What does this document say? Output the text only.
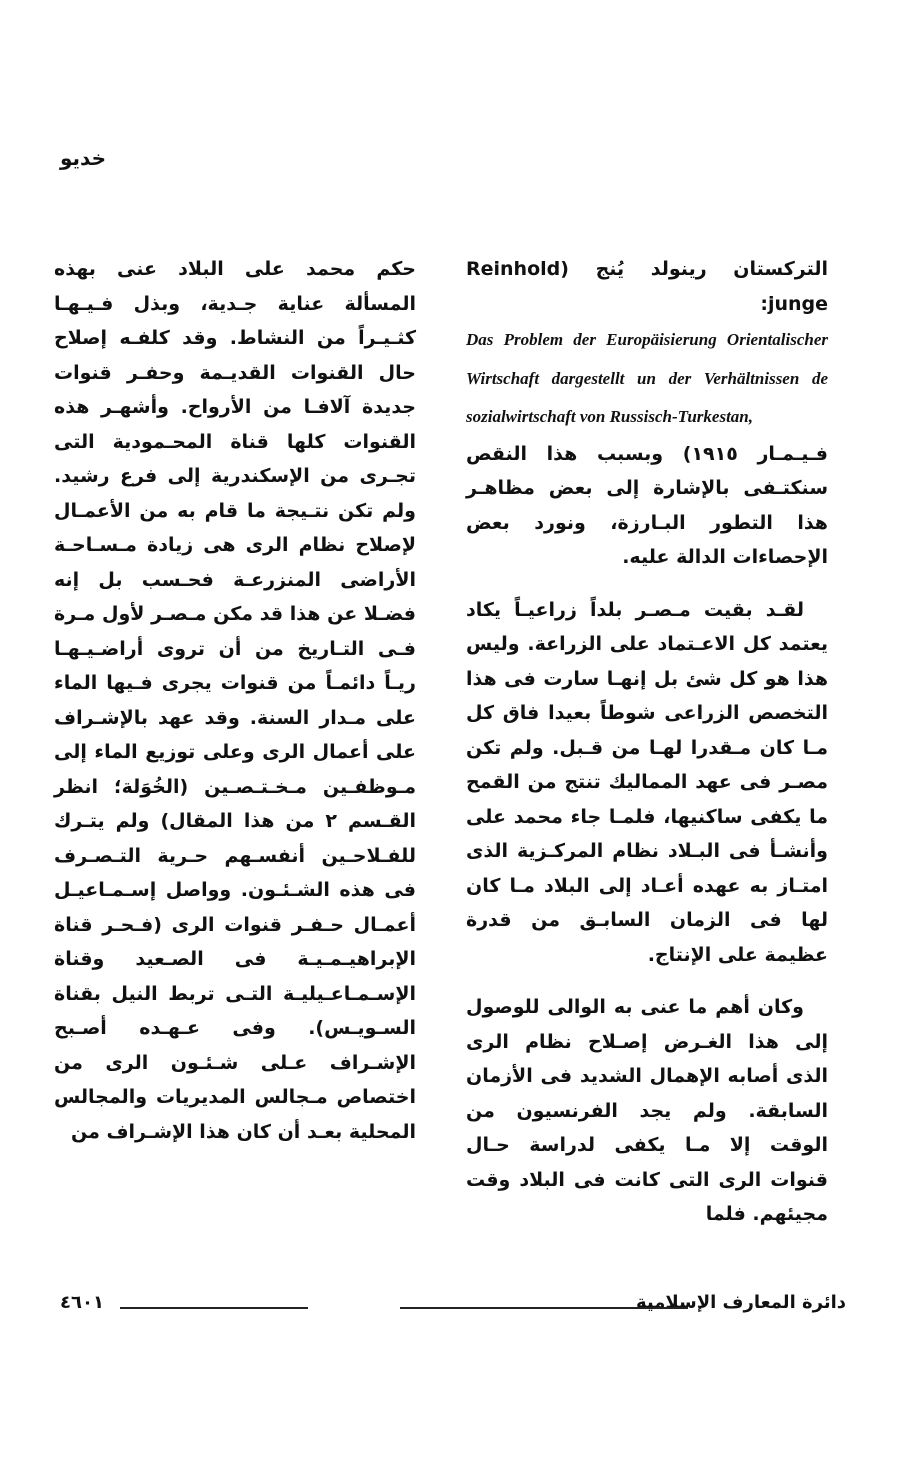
خديو

التركستان رينولد يُنج (Reinhold junge:

Das Problem der Europäisierung Orientalischer Wirtschaft dargestellt un der Verhältnissen de sozialwirtschaft von Russisch-Turkestan,

فـيـمـار ١٩١٥) وبسبب هذا النقص سنكتـفى بالإشارة إلى بعض مظاهـر هذا التطور البـارزة، ونورد بعض الإحصاءات الدالة عليه.

لقـد بقيت مـصـر بلداً زراعيـاً يكاد يعتمد كل الاعـتماد على الزراعة. وليس هذا هو كل شئ بل إنهـا سارت فى هذا التخصص الزراعى شوطاً بعيدا فاق كل مـا كان مـقدرا لهـا من قـبل. ولم تكن مصـر فى عهد المماليك تنتج من القمح ما يكفى ساكنيها، فلمـا جاء محمد على وأنشـأ فى البـلاد نظام المركـزية الذى امتـاز به عهده أعـاد إلى البلاد مـا كان لها فى الزمان السابـق من قدرة عظيمة على الإنتاج.

وكان أهم ما عنى به الوالى للوصول إلى هذا الغـرض إصـلاح نظام الرى الذى أصابه الإهمال الشديد فى الأزمان السابقة. ولم يجد الفرنسيون من الوقت إلا مـا يكفى لدراسة حـال قنوات الرى التى كانت فى البلاد وقت مجيئهم. فلما

حكم محمد على البلاد عنى بهذه المسألة عناية جـدية، وبذل فـيـهـا كثـيـراً من النشاط. وقد كلفـه إصلاح حال القنوات القديـمة وحفـر قنوات جديدة آلافـا من الأرواح. وأشهـر هذه القنوات كلها قناة المحـمودية التى تجـرى من الإسكندرية إلى فرع رشيد. ولم تكن نتـيجة ما قام به من الأعمـال لإصلاح نظام الرى هى زيادة مـسـاحـة الأراضى المنزرعـة فحـسب بل إنه فضـلا عن هذا قد مكن مـصـر لأول مـرة فـى التـاريخ من أن تروى أراضـيـهـا ريـاً دائمـاً من قنوات يجرى فـيها الماء على مـدار السنة. وقد عهد بالإشـراف على أعمال الرى وعلى توزيع الماء إلى مـوظفـين مـخـتـصـين (الخُوَلة؛ انظر القـسم ٢ من هذا المقال) ولم يتـرك للفـلاحـين أنفسـهم حـرية التـصـرف فى هذه الشـئـون. وواصل إسـمـاعيـل أعمـال حـفـر قنوات الرى (فـحـر قناة الإبراهيـمـيـة فى الصـعيد وقناة الإسـمـاعـيليـة التـى تربط النيل بقناة السـويـس). وفى عـهـده أصـبح الإشـراف عـلى شـئـون الرى من اختصاص مـجالس المديريات والمجالس المحلية بعـد أن كان هذا الإشـراف من

دائرة المعارف الإسلامية
٤٦٠١
